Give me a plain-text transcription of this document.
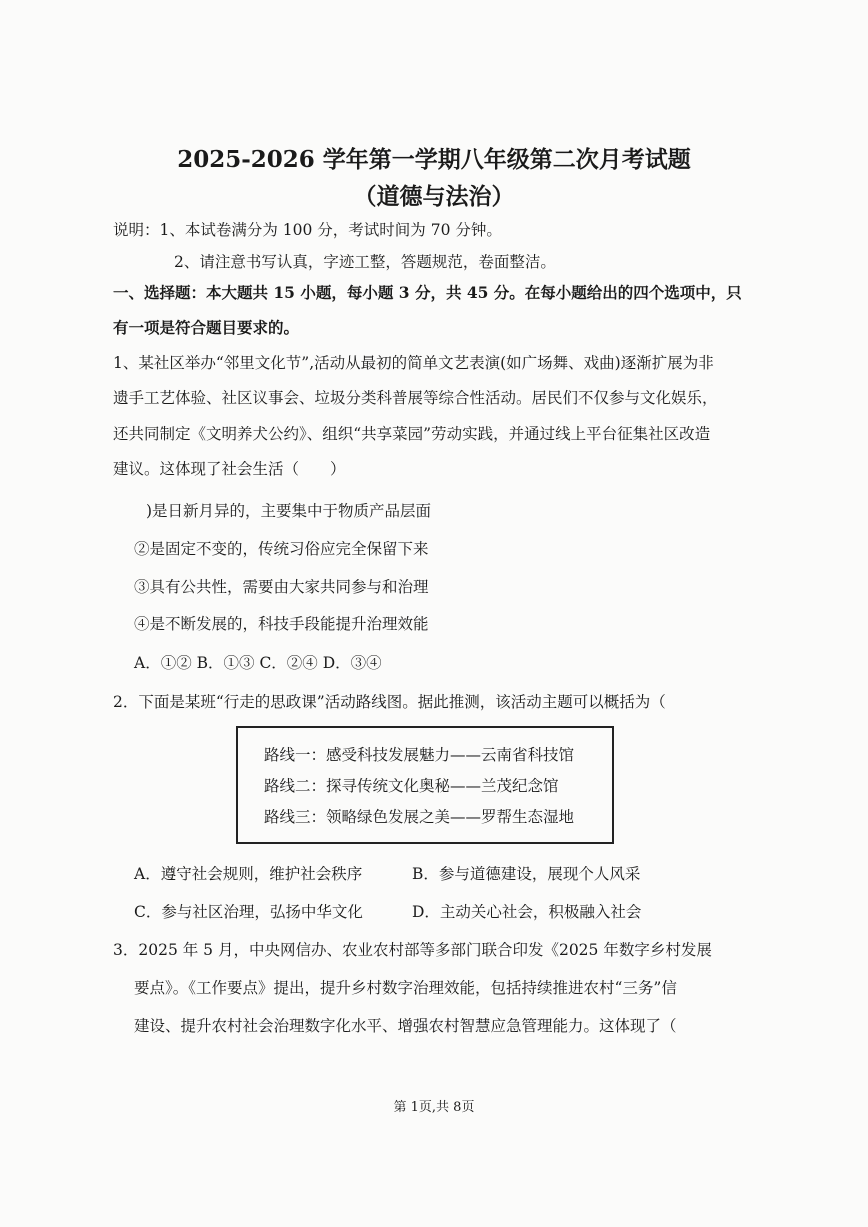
2025-2026 学年第一学期八年级第二次月考试题
（道德与法治）
说明：1、本试卷满分为 100 分，考试时间为 70 分钟。
2、请注意书写认真，字迹工整，答题规范，卷面整洁。
一、选择题：本大题共 15 小题，每小题 3 分，共 45 分。在每小题给出的四个选项中，只
有一项是符合题目要求的。
1、某社区举办“邻里文化节”,活动从最初的简单文艺表演(如广场舞、戏曲)逐渐扩展为非
遗手工艺体验、社区议事会、垃圾分类科普展等综合性活动。居民们不仅参与文化娱乐，
还共同制定《文明养犬公约》、组织“共享菜园”劳动实践，并通过线上平台征集社区改造
建议。这体现了社会生活（　　）
)是日新月异的，主要集中于物质产品层面
②是固定不变的，传统习俗应完全保留下来
③具有公共性，需要由大家共同参与和治理
④是不断发展的，科技手段能提升治理效能
A．①② B．①③ C．②④ D．③④
2．下面是某班“行走的思政课”活动路线图。据此推测，该活动主题可以概括为（
路线一：感受科技发展魅力——云南省科技馆
路线二：探寻传统文化奥秘——兰茂纪念馆
路线三：领略绿色发展之美——罗帮生态湿地
A．遵守社会规则，维护社会秩序	B．参与道德建设，展现个人风采
C．参与社区治理，弘扬中华文化	D．主动关心社会，积极融入社会
3．2025 年 5 月，中央网信办、农业农村部等多部门联合印发《2025 年数字乡村发展
要点》。《工作要点》提出，提升乡村数字治理效能，包括持续推进农村“三务”信
建设、提升农村社会治理数字化水平、增强农村智慧应急管理能力。这体现了（
第 1页,共 8页
